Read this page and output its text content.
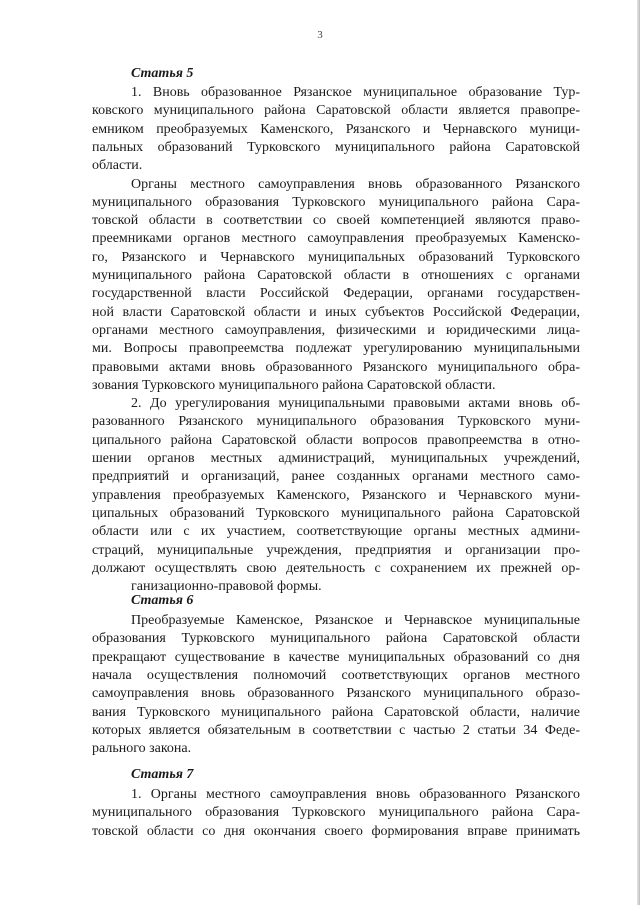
3
Статья 5
1. Вновь образованное Рязанское муниципальное образование Тур-
ковского муниципального района Саратовской области является правопре-
емником преобразуемых Каменского, Рязанского и Чернавского муници-
пальных образований Турковского муниципального района Саратовской
области.
Органы местного самоуправления вновь образованного Рязанского
муниципального образования Турковского муниципального района Сара-
товской области в соответствии со своей компетенцией являются право-
преемниками органов местного самоуправления преобразуемых Каменско-
го, Рязанского и Чернавского муниципальных образований Турковского
муниципального района Саратовской области в отношениях с органами
государственной власти Российской Федерации, органами государствен-
ной власти Саратовской области и иных субъектов Российской Федерации,
органами местного самоуправления, физическими и юридическими лица-
ми. Вопросы правопреемства подлежат урегулированию муниципальными
правовыми актами вновь образованного Рязанского муниципального обра-
зования Турковского муниципального района Саратовской области.
2. До урегулирования муниципальными правовыми актами вновь об-
разованного Рязанского муниципального образования Турковского муни-
ципального района Саратовской области вопросов правопреемства в отно-
шении органов местных администраций, муниципальных учреждений,
предприятий и организаций, ранее созданных органами местного само-
управления преобразуемых Каменского, Рязанского и Чернавского муни-
ципальных образований Турковского муниципального района Саратовской
области или с их участием, соответствующие органы местных админи-
страций, муниципальные учреждения, предприятия и организации про-
должают осуществлять свою деятельность с сохранением их прежней ор-
ганизационно-правовой формы.
Статья 6
Преобразуемые Каменское, Рязанское и Чернавское муниципальные
образования Турковского муниципального района Саратовской области
прекращают существование в качестве муниципальных образований со дня
начала осуществления полномочий соответствующих органов местного
самоуправления вновь образованного Рязанского муниципального образо-
вания Турковского муниципального района Саратовской области, наличие
которых является обязательным в соответствии с частью 2 статьи 34 Феде-
рального закона.
Статья 7
1. Органы местного самоуправления вновь образованного Рязанского
муниципального образования Турковского муниципального района Сара-
товской области со дня окончания своего формирования вправе принимать
